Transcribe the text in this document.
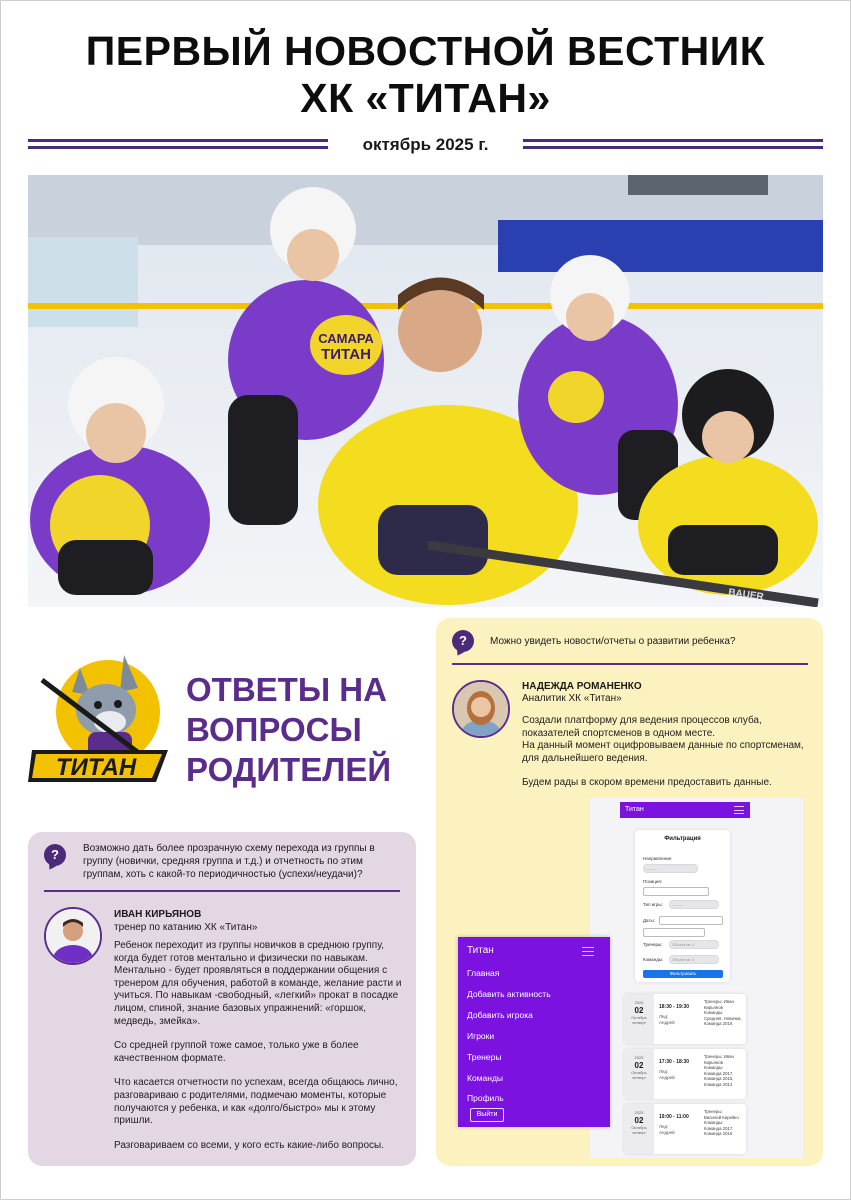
ПЕРВЫЙ НОВОСТНОЙ ВЕСТНИК
ХК «ТИТАН»
октябрь 2025 г.
САМАРА
ТИТАН
BAUER
ТИТАН
ОТВЕТЫ НА
ВОПРОСЫ
РОДИТЕЛЕЙ
?	Возможно дать более прозрачную схему перехода из группы в группу (новички, средняя группа и т.д.) и отчетность по этим группам, хоть с какой-то периодичностью (успехи/неудачи)?
ИВАН КИРЬЯНОВ
тренер по катанию ХК «Титан»

Ребенок переходит из группы новичков в среднюю группу, когда будет готов ментально и физически по навыкам. Ментально - будет проявляться в поддержании общения с тренером для обучения, работой в команде, желание расти и учиться. По навыкам -свободный, «легкий» прокат в посадке лицом, спиной, знание базовых упражнений: «горшок, медведь, змейка».

Со средней группой тоже самое, только уже в более качественном формате.

Что касается отчетности по успехам, всегда общаюсь лично, разговариваю с родителями, подмечаю моменты, которые получаются у ребенка, и как «долго/быстро» мы к этому пришли.

Разговариваем со всеми, у кого есть какие-либо вопросы.

?	Можно увидеть новости/отчеты о развитии ребенка?
НАДЕЖДА РОМАНЕНКО
Аналитик ХК «Титан»

Создали платформу для ведения процессов клуба, показателей спортсменов в одном месте.

На данный момент оцифровываем данные по спортсменам, для дальнейшего ведения.

Будем рады в скором времени предоставить данные.

Титан
Фильтрация
Направление:
--------
Позиция:
Тип игры:	--------
Даты:
Тренеры:	Объектов: 0
Команды:	Объектов: 0
Фильтровать
2025
02
Октябрь
четверг
18:30 - 19:30
Лед:
Андрей
Тренеры: Иван
Кирьянов
Команды:
Средняя, Новички, Команда 2016
2025
02
Октябрь
четверг
17:30 - 18:30
Лед:
Андрей
Тренеры: Иван
Кирьянов
Команды:
Команда 2017, Команда 2015, Команда 2014
2025
02
Октябрь
четверг
19:00 - 11:00
Лед:
Андрей
Тренеры:
Василий Кирейко
Команды:
Команда 2017, Команда 2016
Титан
Главная
Добавить активность
Добавить игрока
Игроки
Тренеры
Команды
Профиль
Выйти
